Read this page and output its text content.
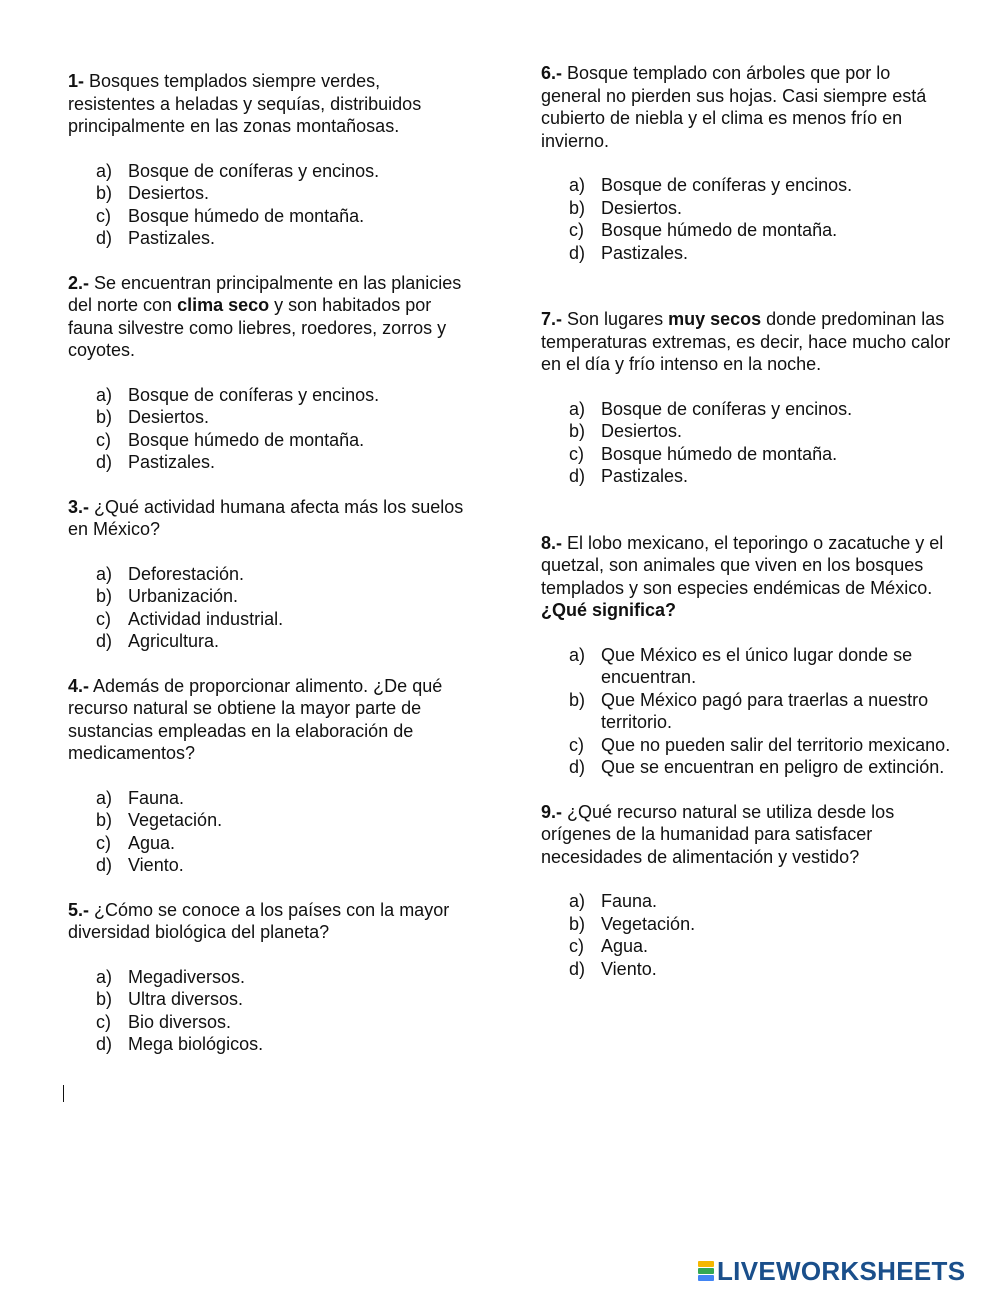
1- Bosques templados siempre verdes, resistentes a heladas y sequías, distribuidos principalmente en las zonas montañosas.

a) Bosque de coníferas y encinos.
b) Desiertos.
c) Bosque húmedo de montaña.
d) Pastizales.

2.- Se encuentran principalmente en las planicies del norte con clima seco y son habitados por fauna silvestre como liebres, roedores, zorros y coyotes.

a) Bosque de coníferas y encinos.
b) Desiertos.
c) Bosque húmedo de montaña.
d) Pastizales.

3.- ¿Qué actividad humana afecta más los suelos en México?

a) Deforestación.
b) Urbanización.
c) Actividad industrial.
d) Agricultura.

4.- Además de proporcionar alimento. ¿De qué recurso natural se obtiene la mayor parte de sustancias empleadas en la elaboración de medicamentos?

a) Fauna.
b) Vegetación.
c) Agua.
d) Viento.

5.- ¿Cómo se conoce a los países con la mayor diversidad biológica del planeta?

a) Megadiversos.
b) Ultra diversos.
c) Bio diversos.
d) Mega biológicos.

6.- Bosque templado con árboles que por lo general no pierden sus hojas. Casi siempre está cubierto de niebla y el clima es menos frío en invierno.

a) Bosque de coníferas y encinos.
b) Desiertos.
c) Bosque húmedo de montaña.
d) Pastizales.

7.- Son lugares muy secos donde predominan las temperaturas extremas, es decir, hace mucho calor en el día y frío intenso en la noche.

a) Bosque de coníferas y encinos.
b) Desiertos.
c) Bosque húmedo de montaña.
d) Pastizales.

8.- El lobo mexicano, el teporingo o zacatuche y el quetzal, son animales que viven en los bosques templados y son especies endémicas de México. ¿Qué significa?

a) Que México es el único lugar donde se encuentran.
b) Que México pagó para traerlas a nuestro territorio.
c) Que no pueden salir del territorio mexicano.
d) Que se encuentran en peligro de extinción.

9.- ¿Qué recurso natural se utiliza desde los orígenes de la humanidad para satisfacer necesidades de alimentación y vestido?

a) Fauna.
b) Vegetación.
c) Agua.
d) Viento.
LIVEWORKSHEETS
